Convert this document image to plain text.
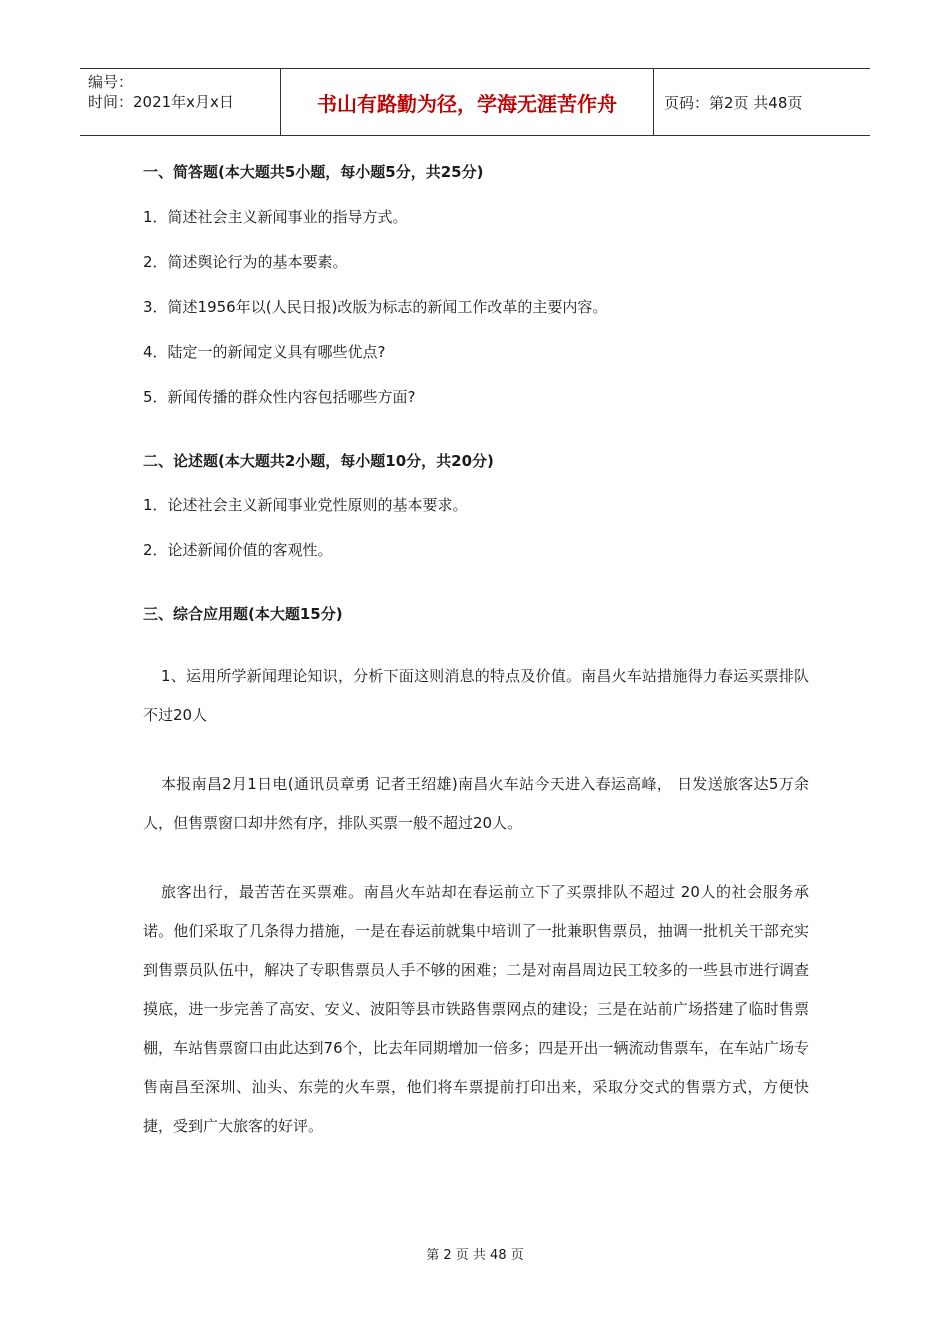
编号：
时间：2021年x月x日	书山有路勤为径，学海无涯苦作舟	页码：第2页 共48页

一、简答题(本大题共5小题，每小题5分，共25分)

1．简述社会主义新闻事业的指导方式。

2．简述舆论行为的基本要素。

3．简述1956年以(人民日报)改版为标志的新闻工作改革的主要内容。

4．陆定一的新闻定义具有哪些优点?

5．新闻传播的群众性内容包括哪些方面?

二、论述题(本大题共2小题，每小题10分，共20分)

1．论述社会主义新闻事业党性原则的基本要求。

2．论述新闻价值的客观性。

三、综合应用题(本大题15分)

1、运用所学新闻理论知识，分析下面这则消息的特点及价值。南昌火车站措施得力春运买票排队不过20人

本报南昌2月1日电(通讯员章勇 记者王绍雄)南昌火车站今天进入春运高峰， 日发送旅客达5万余人，但售票窗口却井然有序，排队买票一般不超过20人。

旅客出行，最苦苦在买票难。南昌火车站却在春运前立下了买票排队不超过 20人的社会服务承诺。他们采取了几条得力措施，一是在春运前就集中培训了一批兼职售票员，抽调一批机关干部充实到售票员队伍中，解决了专职售票员人手不够的困难；二是对南昌周边民工较多的一些县市进行调查摸底，进一步完善了高安、安义、波阳等县市铁路售票网点的建设；三是在站前广场搭建了临时售票棚，车站售票窗口由此达到76个，比去年同期增加一倍多；四是开出一辆流动售票车，在车站广场专售南昌至深圳、汕头、东莞的火车票，他们将车票提前打印出来，采取分交式的售票方式，方便快捷，受到广大旅客的好评。

第 2 页 共 48 页
